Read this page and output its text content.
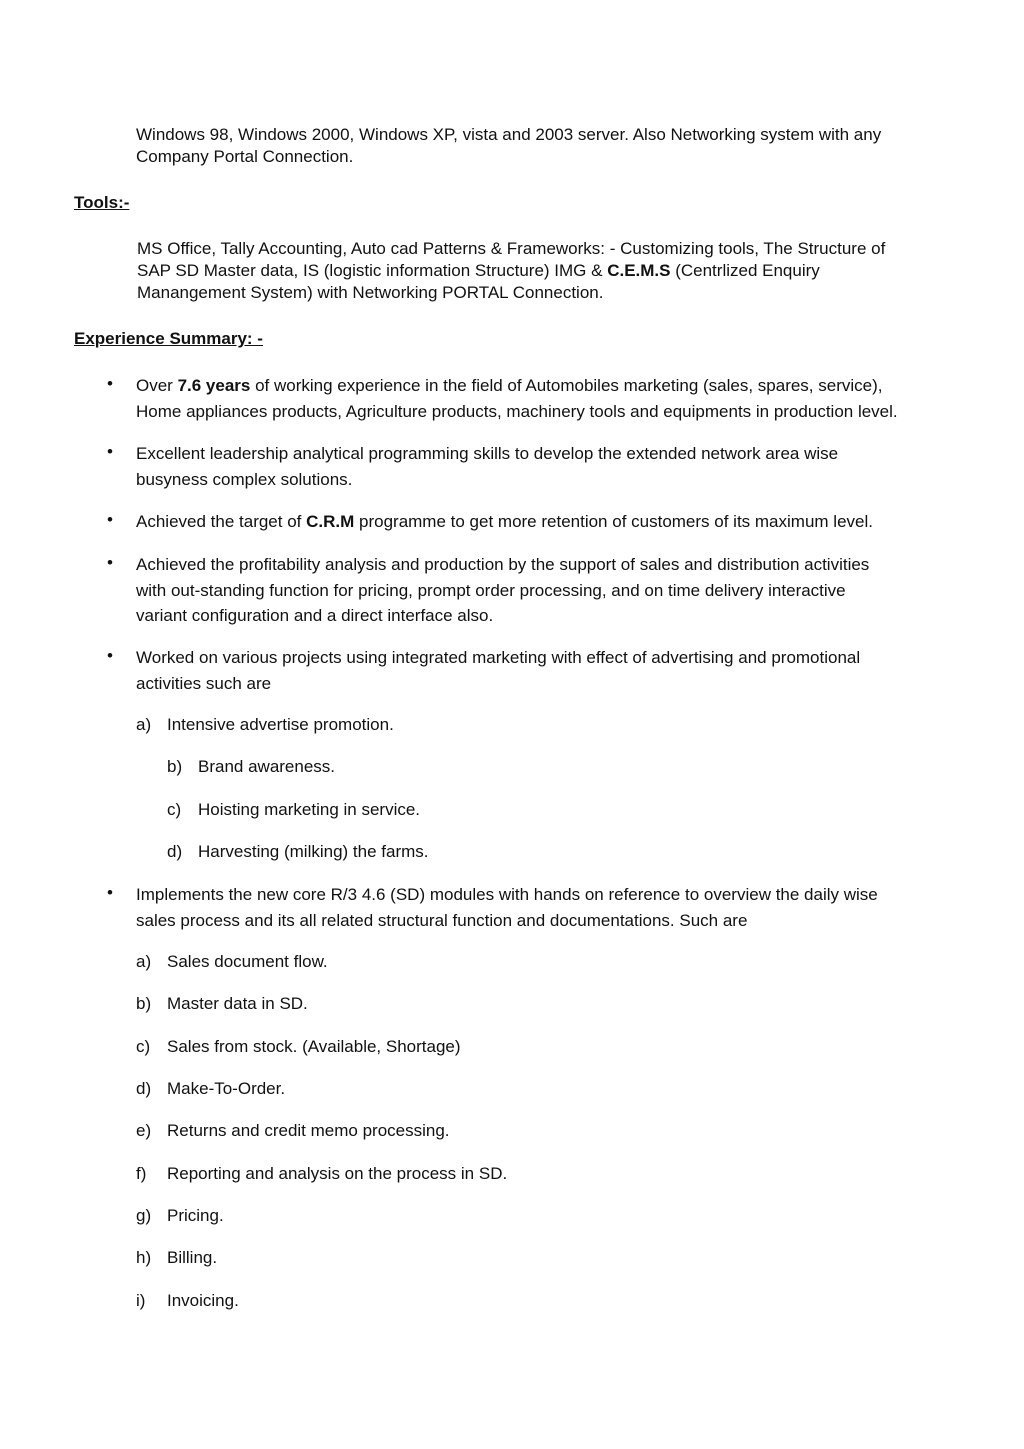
Windows 98, Windows 2000, Windows XP, vista and 2003 server. Also Networking system with any
Company Portal Connection.

Tools:-

MS Office, Tally Accounting, Auto cad Patterns & Frameworks: - Customizing tools, The Structure of
SAP SD Master data, IS (logistic information Structure) IMG & C.E.M.S (Centrlized Enquiry
Manangement System) with Networking PORTAL Connection.

Experience Summary: -
•	Over 7.6 years of working experience in the field of Automobiles marketing (sales, spares, service),
Home appliances products, Agriculture products, machinery tools and equipments in production level.
•	Excellent leadership analytical programming skills to develop the extended network area wise
busyness complex solutions.
•	Achieved the target of C.R.M programme to get more retention of customers of its maximum level.
•	Achieved the profitability analysis and production by the support of sales and distribution activities
with out-standing function for pricing, prompt order processing, and on time delivery interactive
variant configuration and a direct interface also.
•	Worked on various projects using integrated marketing with effect of advertising and promotional
activities such are
a) Intensive advertise promotion.
b) Brand awareness.
c) Hoisting marketing in service.
d) Harvesting (milking) the farms.
•	Implements the new core R/3 4.6 (SD) modules with hands on reference to overview the daily wise
sales process and its all related structural function and documentations. Such are
a) Sales document flow.
b) Master data in SD.
c) Sales from stock. (Available, Shortage)
d) Make-To-Order.
e) Returns and credit memo processing.
f) Reporting and analysis on the process in SD.
g) Pricing.
h) Billing.
i) Invoicing.
